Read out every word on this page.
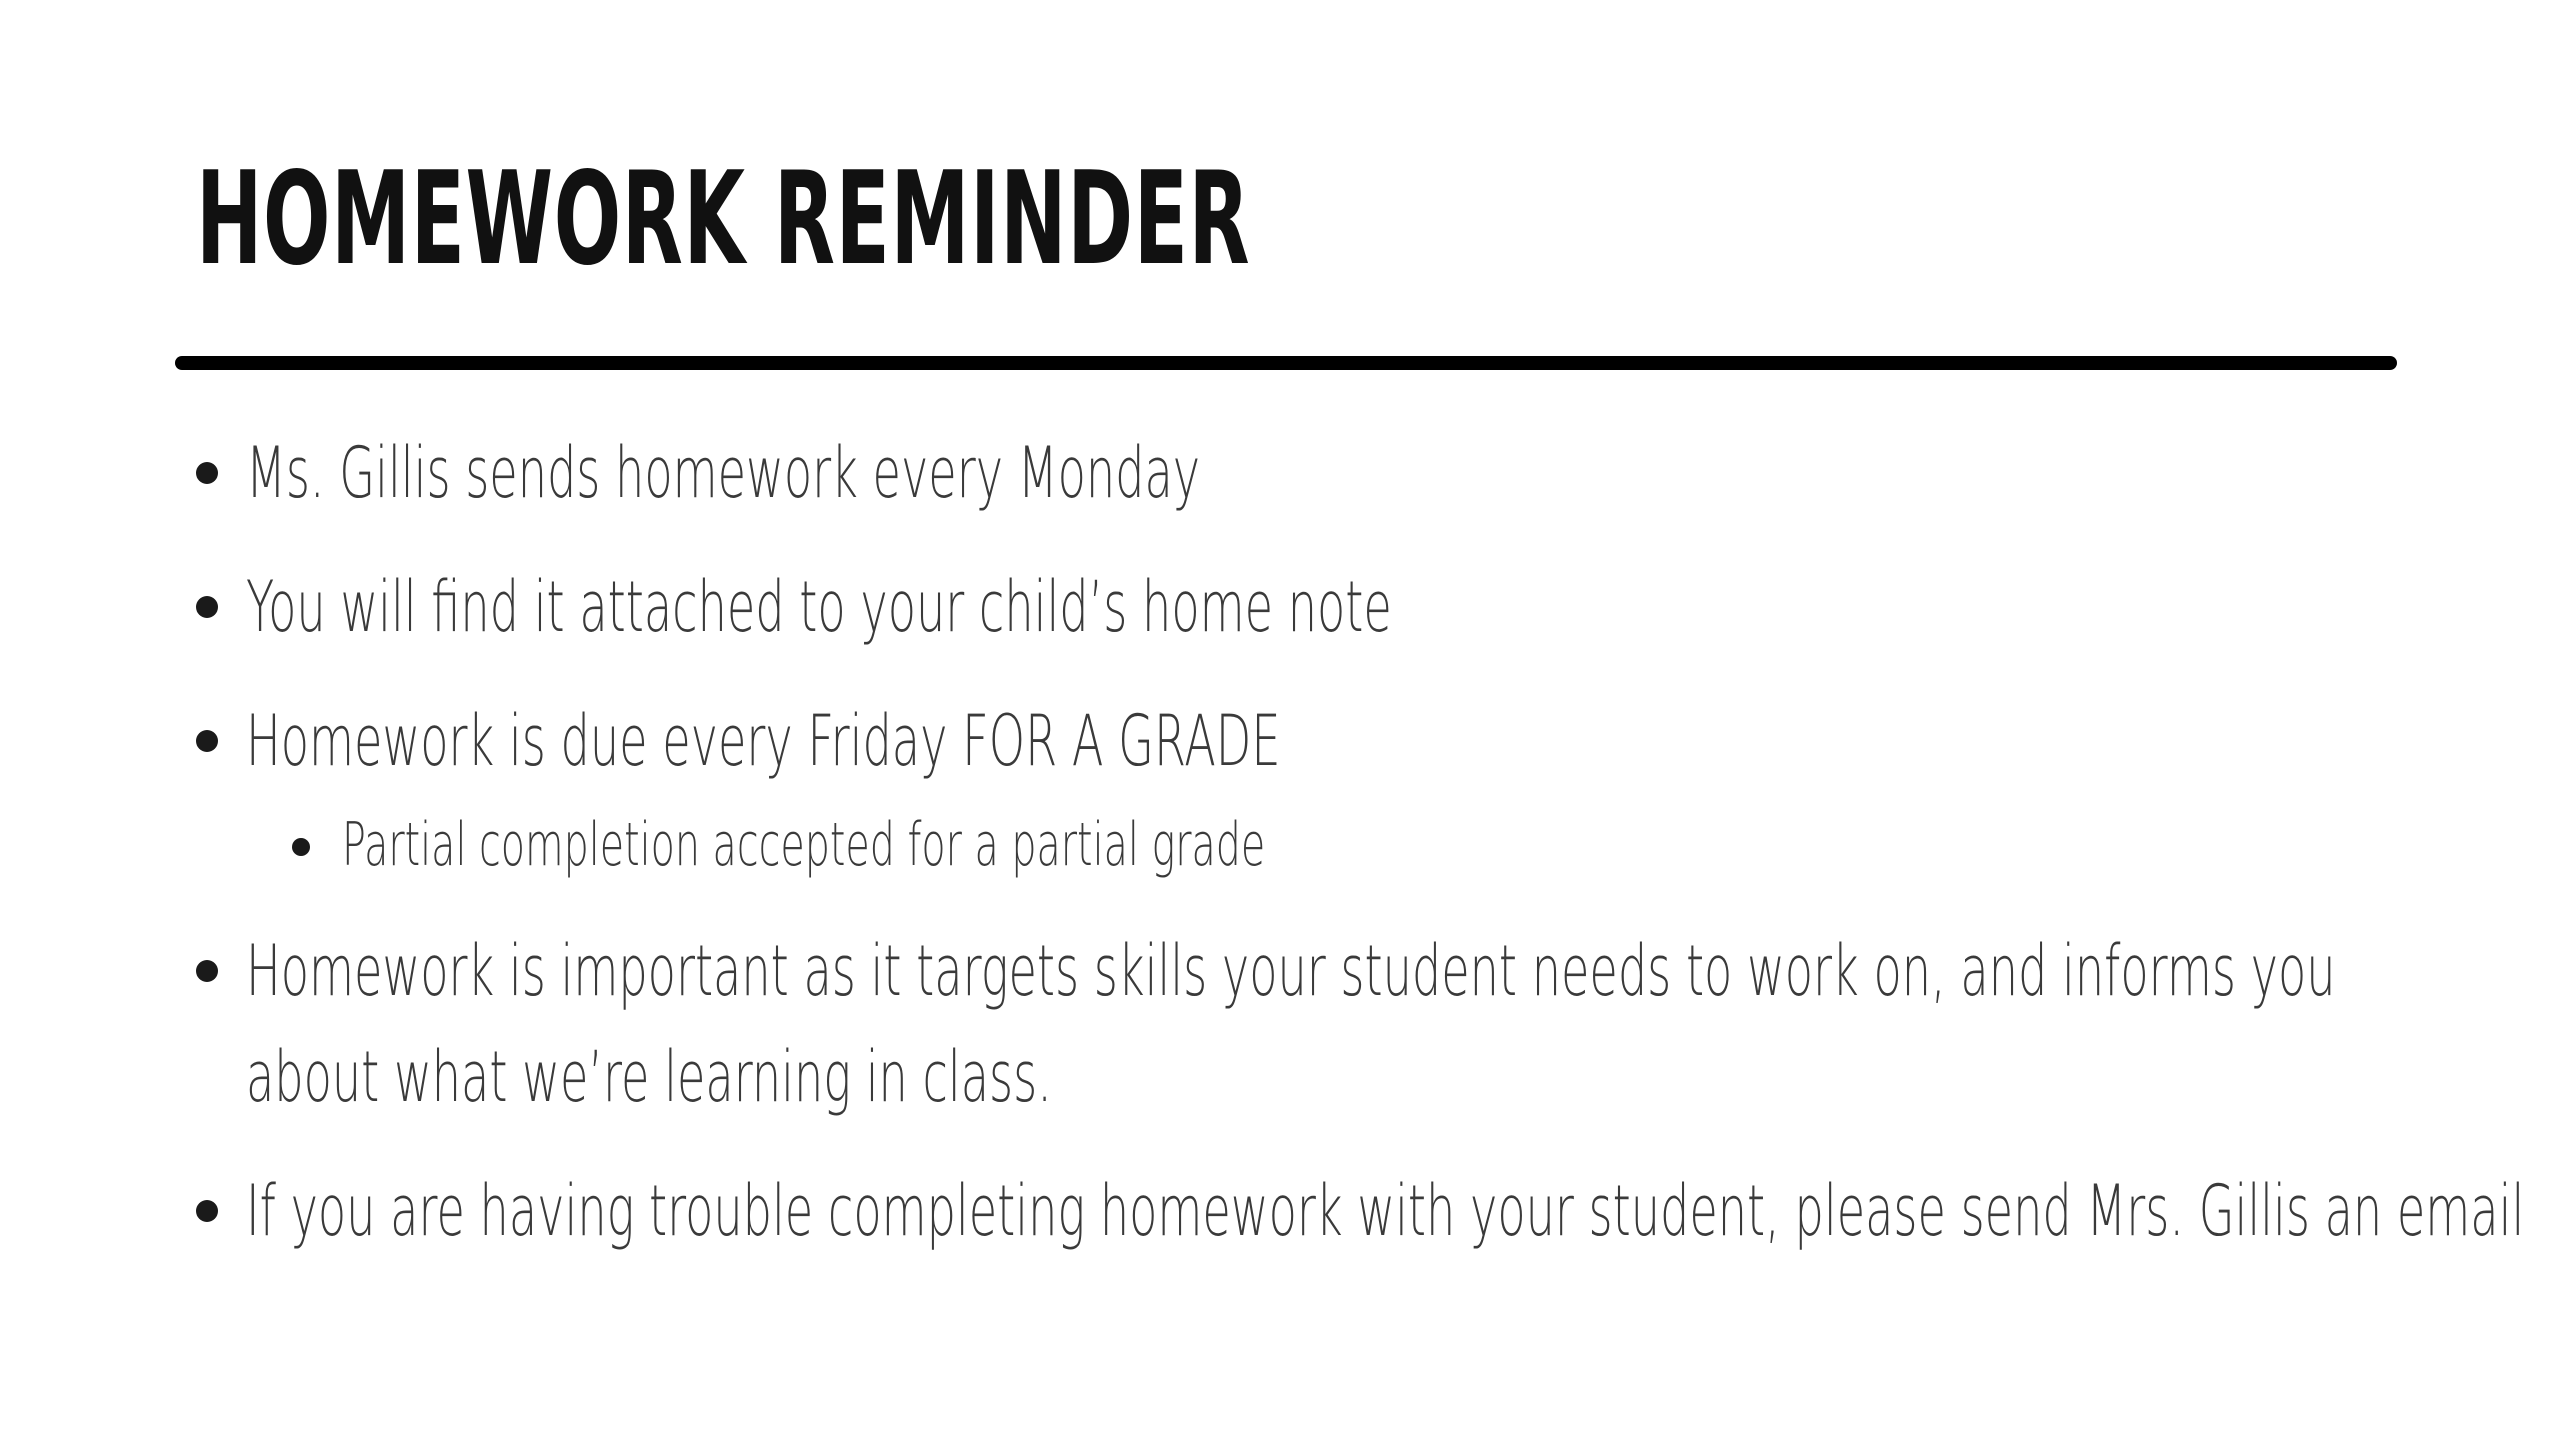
HOMEWORK REMINDER
Ms. Gillis sends homework every Monday
You will find it attached to your child’s home note
Homework is due every Friday FOR A GRADE
Partial completion accepted for a partial grade
Homework is important as it targets skills your student needs to work on, and informs you about what we’re learning in class.
If you are having trouble completing homework with your student, please send Mrs. Gillis an email
